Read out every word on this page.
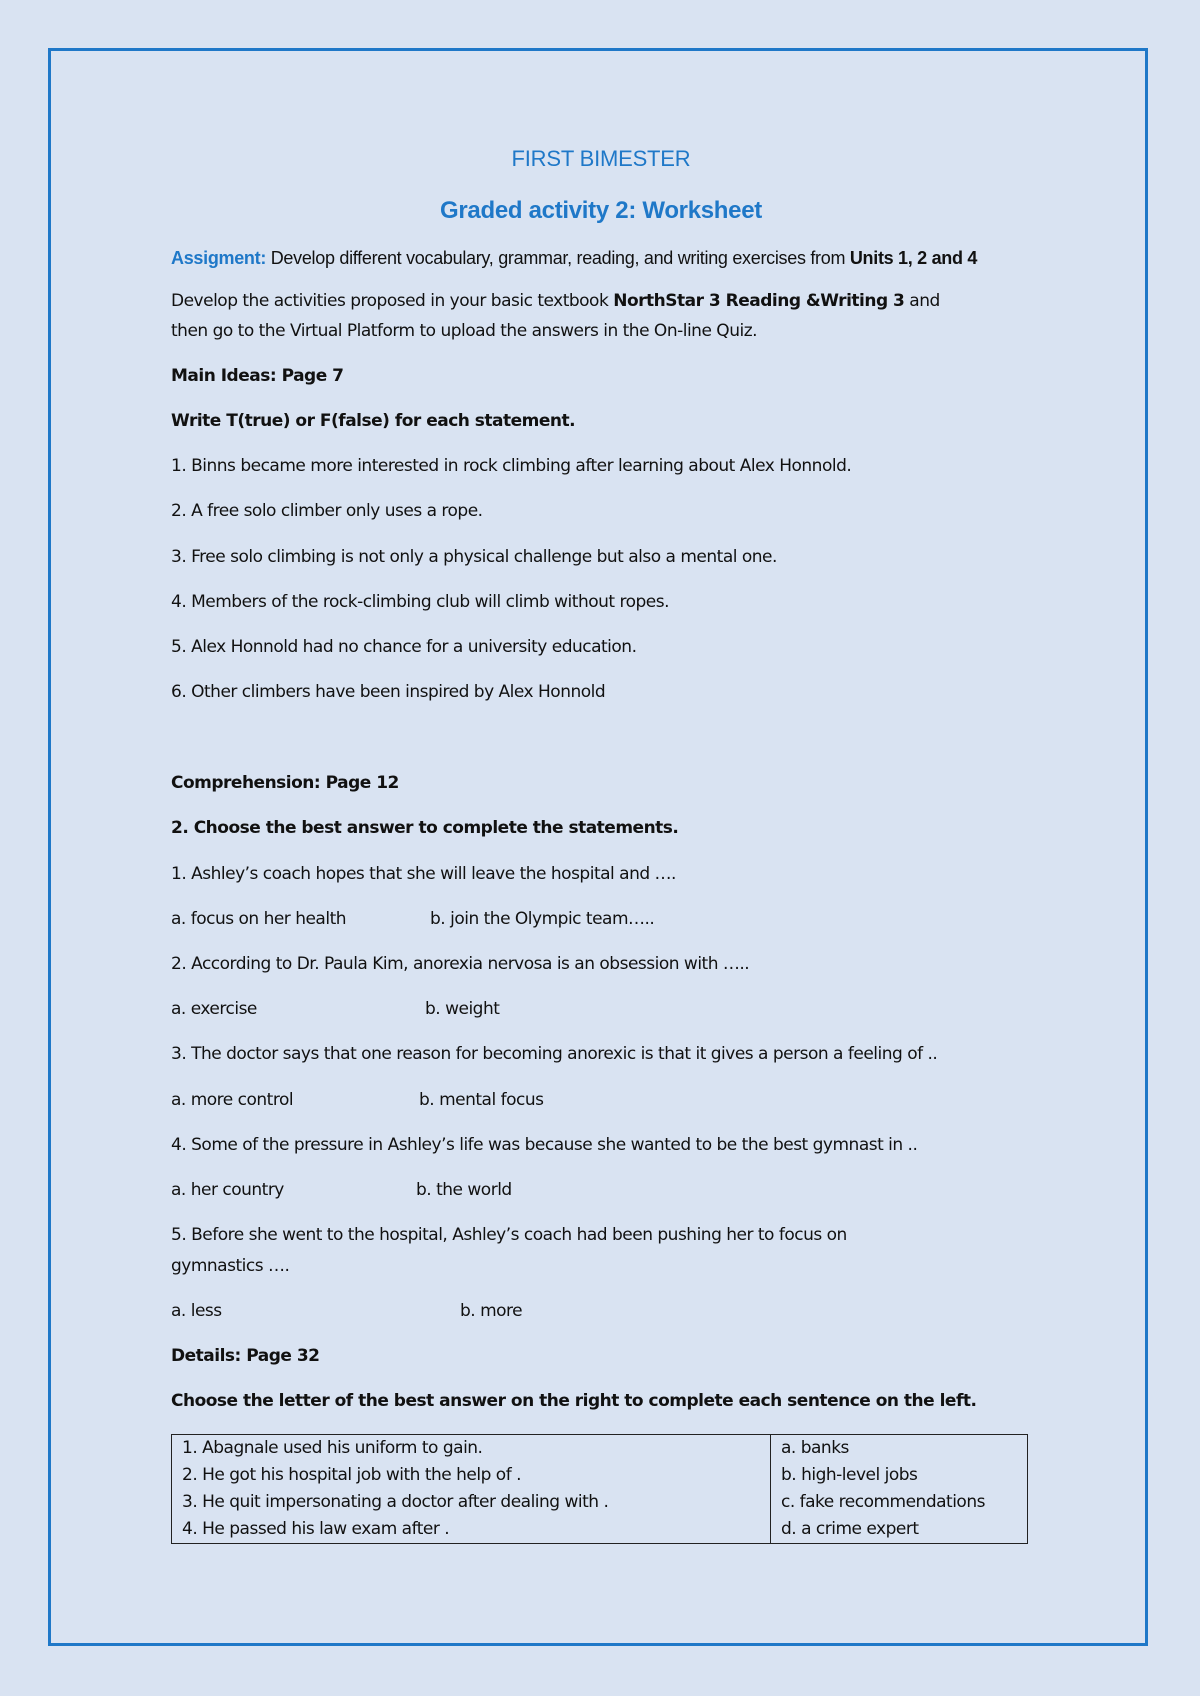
FIRST BIMESTER
Graded activity 2: Worksheet
Assigment: Develop different vocabulary, grammar, reading, and writing exercises from Units 1, 2 and 4
Develop the activities proposed in your basic textbook NorthStar 3 Reading &Writing 3 and
then go to the Virtual Platform to upload the answers in the On-line Quiz.
Main Ideas: Page 7
Write T(true) or F(false) for each statement.
1. Binns became more interested in rock climbing after learning about Alex Honnold.
2. A free solo climber only uses a rope.
3. Free solo climbing is not only a physical challenge but also a mental one.
4. Members of the rock-climbing club will climb without ropes.
5. Alex Honnold had no chance for a university education.
6. Other climbers have been inspired by Alex Honnold
Comprehension: Page 12
2. Choose the best answer to complete the statements.
1. Ashley’s coach hopes that she will leave the hospital and ….
a. focus on her health	b. join the Olympic team…..
2. According to Dr. Paula Kim, anorexia nervosa is an obsession with …..
a. exercise	b. weight
3. The doctor says that one reason for becoming anorexic is that it gives a person a feeling of ..
a. more control	b. mental focus
4. Some of the pressure in Ashley’s life was because she wanted to be the best gymnast in ..
a. her country	b. the world
5. Before she went to the hospital, Ashley’s coach had been pushing her to focus on
gymnastics ….
a. less	b. more
Details: Page 32
Choose the letter of the best answer on the right to complete each sentence on the left.
1. Abagnale used his uniform to gain.	a. banks
2. He got his hospital job with the help of .	b. high-level jobs
3. He quit impersonating a doctor after dealing with .	c. fake recommendations
4. He passed his law exam after .	d. a crime expert
